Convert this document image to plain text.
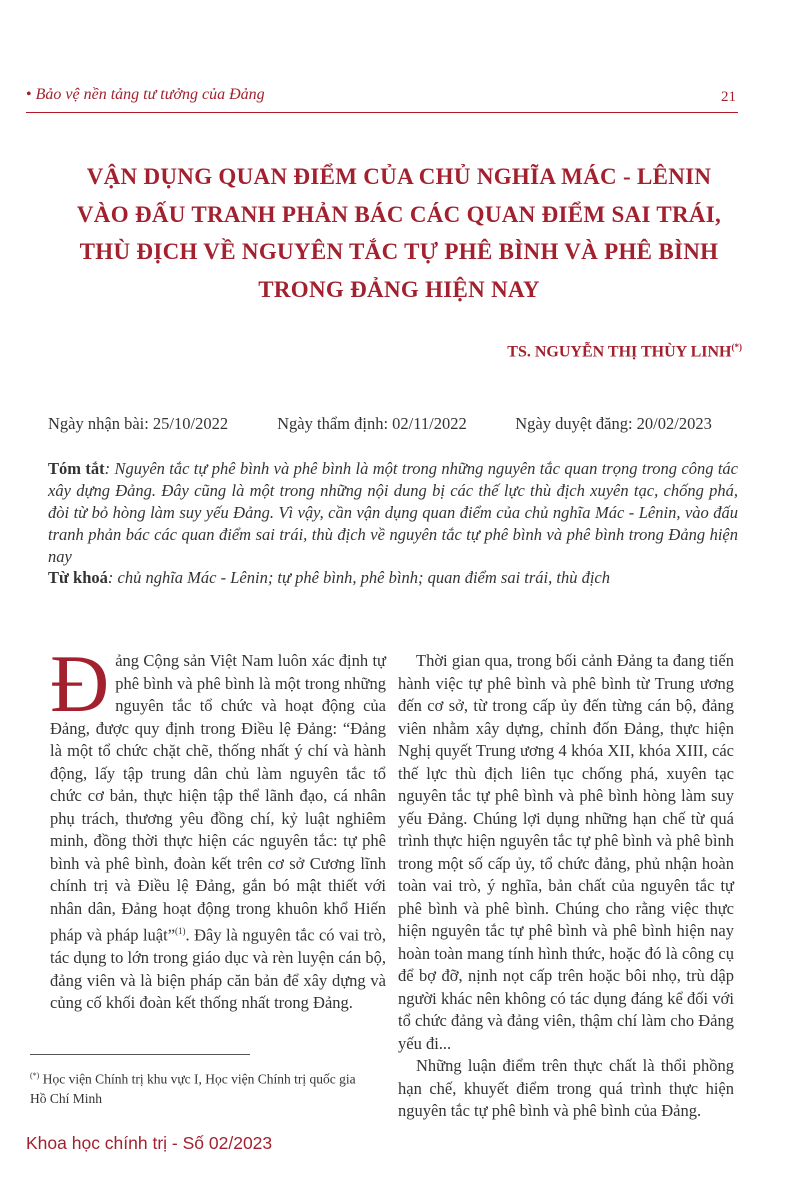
• Bảo vệ nền tảng tư tưởng của Đảng	21
VẬN DỤNG QUAN ĐIỂM CỦA CHỦ NGHĨA MÁC - LÊNIN
VÀO ĐẤU TRANH PHẢN BÁC CÁC QUAN ĐIỂM SAI TRÁI,
THÙ ĐỊCH VỀ NGUYÊN TẮC TỰ PHÊ BÌNH VÀ PHÊ BÌNH
TRONG ĐẢNG HIỆN NAY
TS. NGUYỄN THỊ THÙY LINH(*)
Ngày nhận bài: 25/10/2022	Ngày thẩm định: 02/11/2022	Ngày duyệt đăng: 20/02/2023
Tóm tắt: Nguyên tắc tự phê bình và phê bình là một trong những nguyên tắc quan trọng trong công tác xây dựng Đảng. Đây cũng là một trong những nội dung bị các thế lực thù địch xuyên tạc, chống phá, đòi từ bỏ hòng làm suy yếu Đảng. Vì vậy, cần vận dụng quan điểm của chủ nghĩa Mác - Lênin, vào đấu tranh phản bác các quan điểm sai trái, thù địch về nguyên tắc tự phê bình và phê bình trong Đảng hiện nay
Từ khoá: chủ nghĩa Mác - Lênin; tự phê bình, phê bình; quan điểm sai trái, thù địch

Đảng Cộng sản Việt Nam luôn xác định tự phê bình và phê bình là một trong những nguyên tắc tổ chức và hoạt động của Đảng, được quy định trong Điều lệ Đảng: “Đảng là một tổ chức chặt chẽ, thống nhất ý chí và hành động, lấy tập trung dân chủ làm nguyên tắc tổ chức cơ bản, thực hiện tập thể lãnh đạo, cá nhân phụ trách, thương yêu đồng chí, kỷ luật nghiêm minh, đồng thời thực hiện các nguyên tắc: tự phê bình và phê bình, đoàn kết trên cơ sở Cương lĩnh chính trị và Điều lệ Đảng, gắn bó mật thiết với nhân dân, Đảng hoạt động trong khuôn khổ Hiến pháp và pháp luật”$^{(1)}$. Đây là nguyên tắc có vai trò, tác dụng to lớn trong giáo dục và rèn luyện cán bộ, đảng viên và là biện pháp căn bản để xây dựng và củng cố khối đoàn kết thống nhất trong Đảng.

Thời gian qua, trong bối cảnh Đảng ta đang tiến hành việc tự phê bình và phê bình từ Trung ương đến cơ sở, từ trong cấp ủy đến từng cán bộ, đảng viên nhằm xây dựng, chỉnh đốn Đảng, thực hiện Nghị quyết Trung ương 4 khóa XII, khóa XIII, các thế lực thù địch liên tục chống phá, xuyên tạc nguyên tắc tự phê bình và phê bình hòng làm suy yếu Đảng. Chúng lợi dụng những hạn chế từ quá trình thực hiện nguyên tắc tự phê bình và phê bình trong một số cấp ủy, tổ chức đảng, phủ nhận hoàn toàn vai trò, ý nghĩa, bản chất của nguyên tắc tự phê bình và phê bình. Chúng cho rằng việc thực hiện nguyên tắc tự phê bình và phê bình hiện nay hoàn toàn mang tính hình thức, hoặc đó là công cụ để bợ đỡ, nịnh nọt cấp trên hoặc bôi nhọ, trù dập người khác nên không có tác dụng đáng kể đối với tổ chức đảng và đảng viên, thậm chí làm cho Đảng yếu đi...

Những luận điểm trên thực chất là thổi phồng hạn chế, khuyết điểm trong quá trình thực hiện nguyên tắc tự phê bình và phê bình của Đảng.

(*) Học viện Chính trị khu vực I, Học viện Chính trị quốc gia Hồ Chí Minh
Khoa học chính trị - Số 02/2023
